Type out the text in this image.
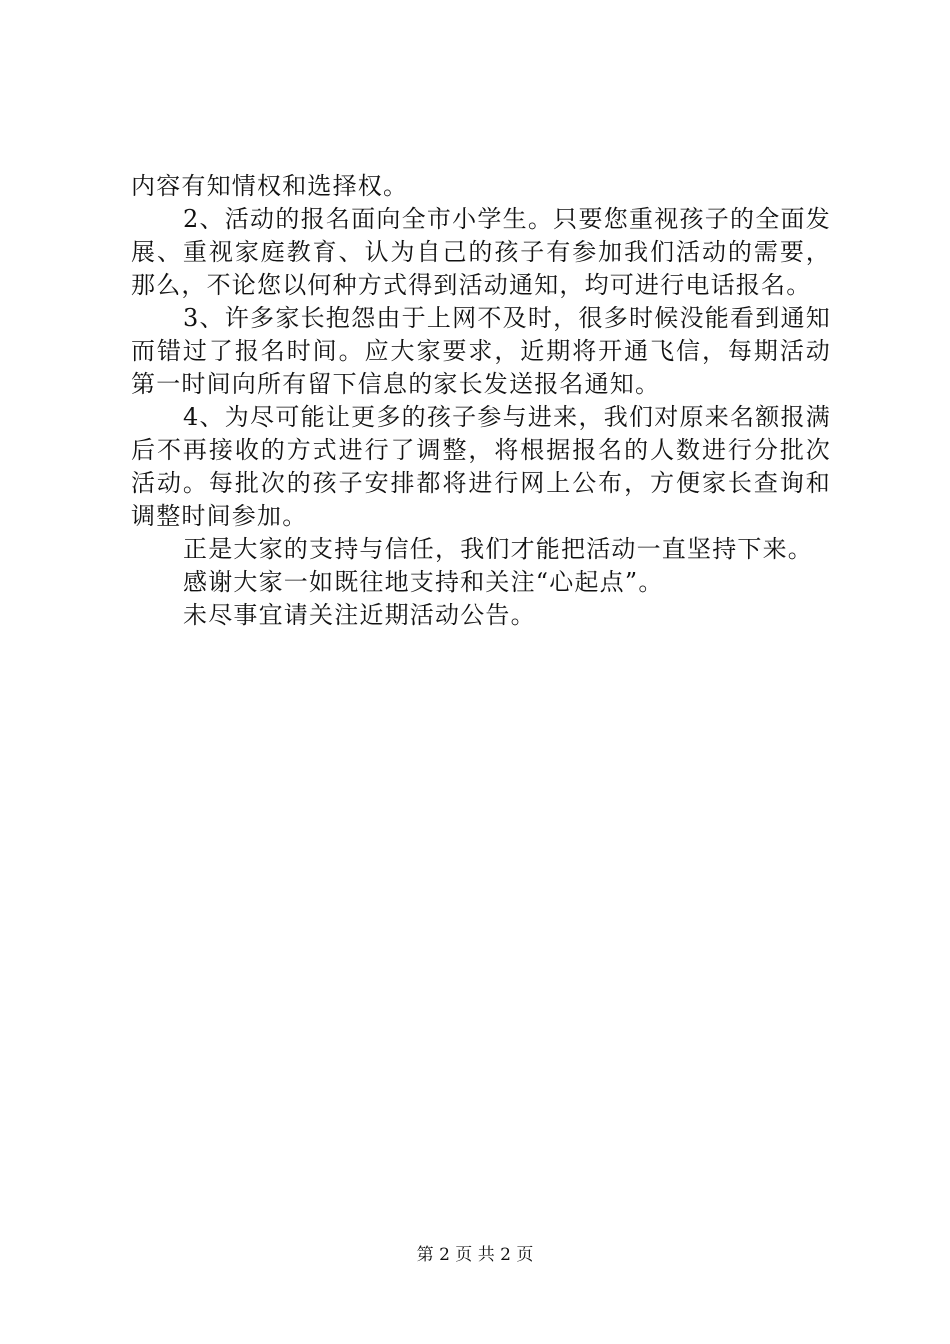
内容有知情权和选择权。

2、活动的报名面向全市小学生。只要您重视孩子的全面发展、重视家庭教育、认为自己的孩子有参加我们活动的需要，那么，不论您以何种方式得到活动通知，均可进行电话报名。

3、许多家长抱怨由于上网不及时，很多时候没能看到通知而错过了报名时间。应大家要求，近期将开通飞信，每期活动第一时间向所有留下信息的家长发送报名通知。

4、为尽可能让更多的孩子参与进来，我们对原来名额报满后不再接收的方式进行了调整，将根据报名的人数进行分批次活动。每批次的孩子安排都将进行网上公布，方便家长查询和调整时间参加。

正是大家的支持与信任，我们才能把活动一直坚持下来。

感谢大家一如既往地支持和关注“心起点”。

未尽事宜请关注近期活动公告。

第 2 页 共 2 页
